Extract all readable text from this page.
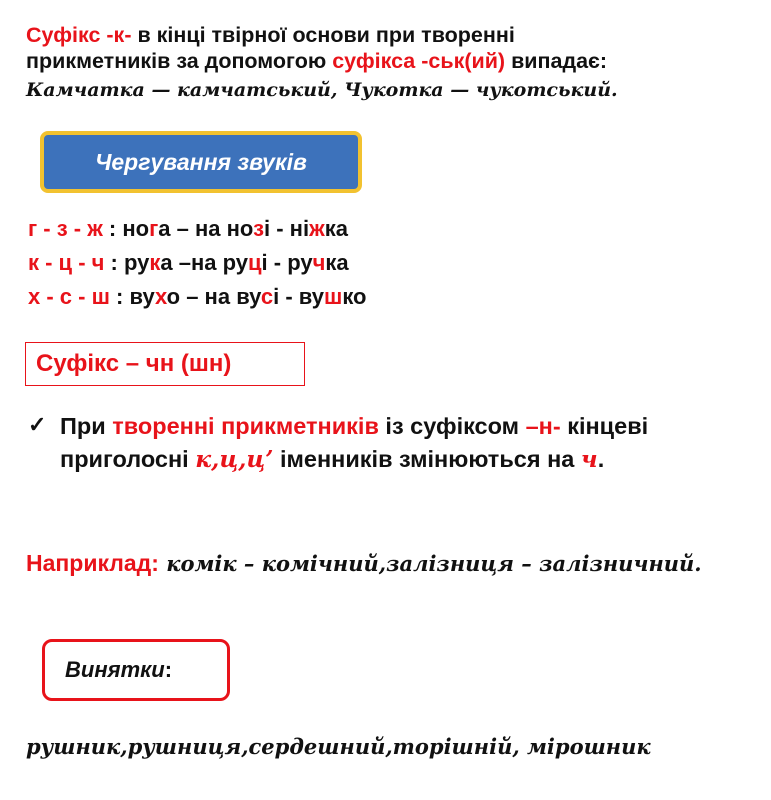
Суфікс -к- в кінці твірної основи при творенні
прикметників за допомогою суфікса -ськ(ий) випадає:
Камчатка — камчатський, Чукотка — чукотський.
Чергування звуків
г - з - ж : нога – на нозі - ніжка
к - ц - ч : рука –на руці - ручка
х - с - ш : вухо – на вусі - вушко
Суфікс – чн (шн)
✓ При творенні прикметників із суфіксом –н- кінцеві приголосні к,ц,ц’ іменників змінюються на ч.
Наприклад: комік – комічний,залізниця – залізничний.
Винятки:
рушник,рушниця,сердешний,торішній, мірошник
